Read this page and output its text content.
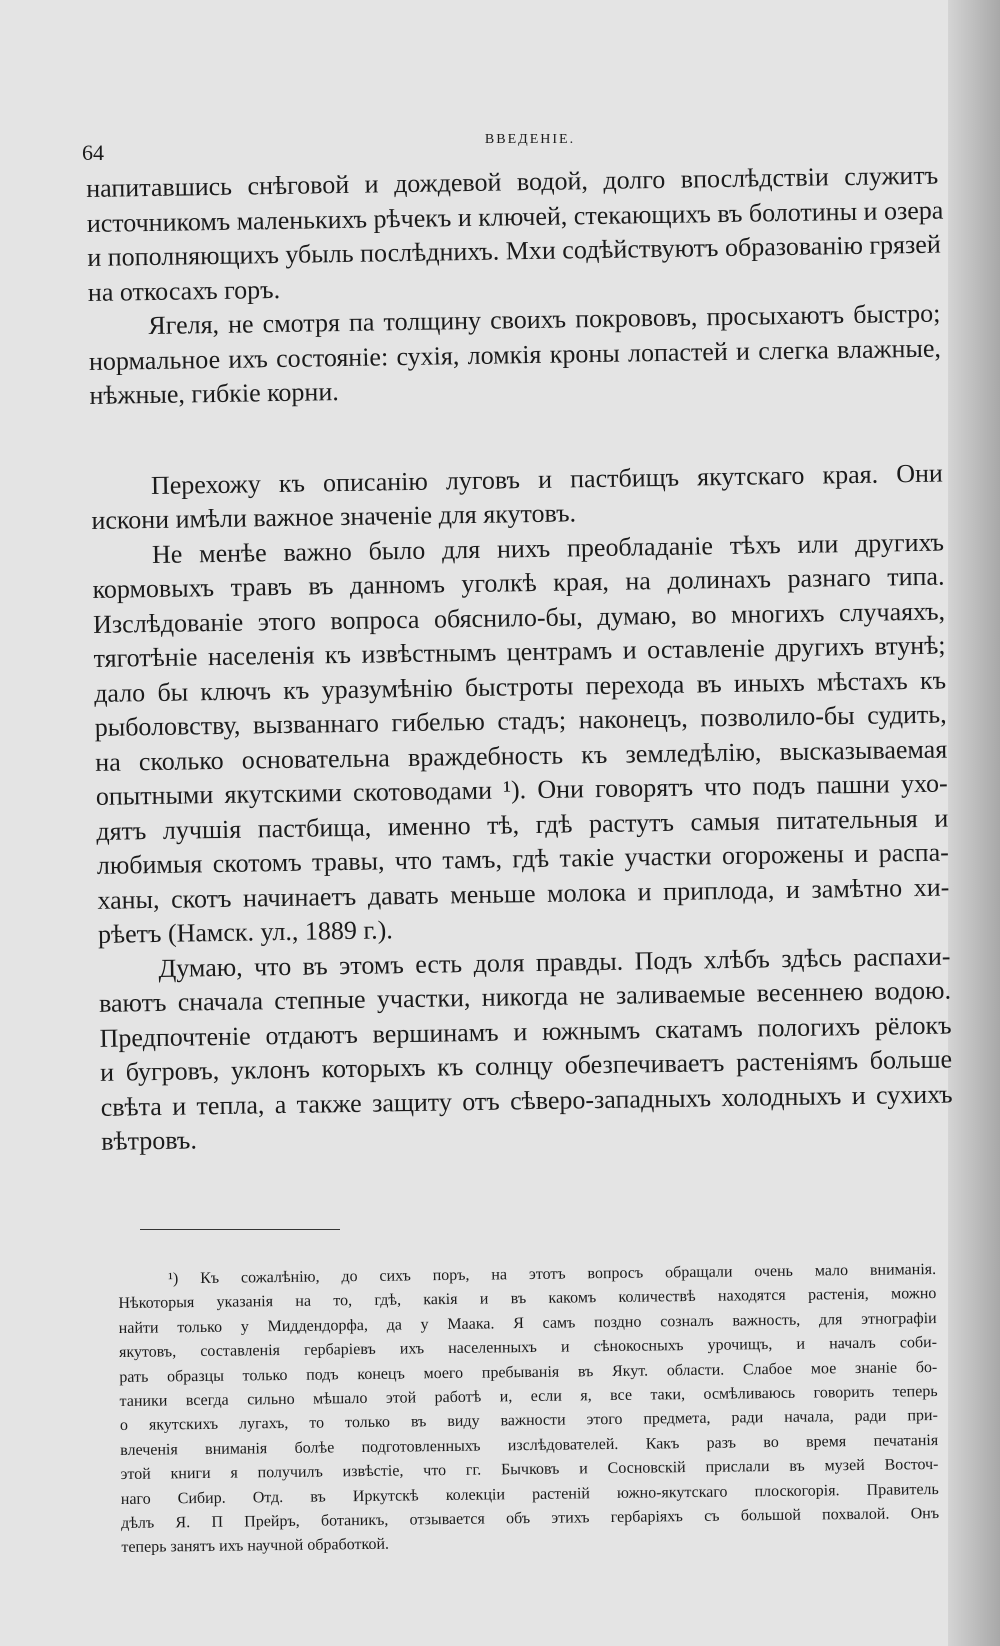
64

ВВЕДЕНІЕ.

напитавшись снѣговой и дождевой водой, долго впослѣдствіи служитъ
источникомъ маленькихъ рѣчекъ и ключей, стекающихъ въ болотины и озера
и пополняющихъ убыль послѣднихъ. Мхи содѣйствуютъ образованію грязей
на откосахъ горъ.
Ягеля, не смотря па толщину своихъ покрововъ, просыхаютъ быстро;
нормальное ихъ состояніе: сухія, ломкія кроны лопастей и слегка влажные,
нѣжные, гибкіе корни.
Перехожу къ описанію луговъ и пастбищъ якутскаго края. Они
искони имѣли важное значеніе для якутовъ.
Не менѣе важно было для нихъ преобладаніе тѣхъ или другихъ
кормовыхъ травъ въ данномъ уголкѣ края, на долинахъ разнаго типа.
Изслѣдованіе этого вопроса обяснило-бы, думаю, во многихъ случаяхъ,
тяготѣніе населенія къ извѣстнымъ центрамъ и оставленіе другихъ втунѣ;
дало бы ключъ къ уразумѣнію быстроты перехода въ иныхъ мѣстахъ къ
рыболовству, вызваннаго гибелью стадъ; наконецъ, позволило-бы судить,
на сколько основательна враждебность къ земледѣлію, высказываемая
опытными якутскими скотоводами ¹). Они говорятъ что подъ пашни ухо-
дятъ лучшія пастбища, именно тѣ, гдѣ растутъ самыя питательныя и
любимыя скотомъ травы, что тамъ, гдѣ такіе участки огорожены и распа-
ханы, скотъ начинаетъ давать меньше молока и приплода, и замѣтно хи-
рѣетъ (Намск. ул., 1889 г.).
Думаю, что въ этомъ есть доля правды. Подъ хлѣбъ здѣсь распахи-
ваютъ сначала степные участки, никогда не заливаемые весеннею водою.
Предпочтеніе отдаютъ вершинамъ и южнымъ скатамъ пологихъ рёлокъ
и бугровъ, уклонъ которыхъ къ солнцу обезпечиваетъ растеніямъ больше
свѣта и тепла, а также защиту отъ сѣверо-западныхъ холодныхъ и сухихъ
вѣтровъ.
¹) Къ сожалѣнію, до сихъ поръ, на этотъ вопросъ обращали очень мало вниманія.
Нѣкоторыя указанія на то, гдѣ, какія и въ какомъ количествѣ находятся растенія, можно
найти только у Миддендорфа, да у Маака. Я самъ поздно созналъ важность, для этнографіи
якутовъ, составленія гербаріевъ ихъ населенныхъ и сѣнокосныхъ урочищъ, и началъ соби-
рать образцы только подъ конецъ моего пребыванія въ Якут. области. Слабое мое знаніе бо-
таники всегда сильно мѣшало этой работѣ и, если я, все таки, осмѣливаюсь говорить теперь
о якутскихъ лугахъ, то только въ виду важности этого предмета, ради начала, ради при-
влеченія вниманія болѣе подготовленныхъ изслѣдователей. Какъ разъ во время печатанія
этой книги я получилъ извѣстіе, что гг. Бычковъ и Сосновскій прислали въ музей Восточ-
наго Сибир. Отд. въ Иркутскѣ колекціи растеній южно-якутскаго плоскогорія. Правитель
дѣлъ Я. П Прейръ, ботаникъ, отзывается объ этихъ гербаріяхъ съ большой похвалой. Онъ
теперь занятъ ихъ научной обработкой.
